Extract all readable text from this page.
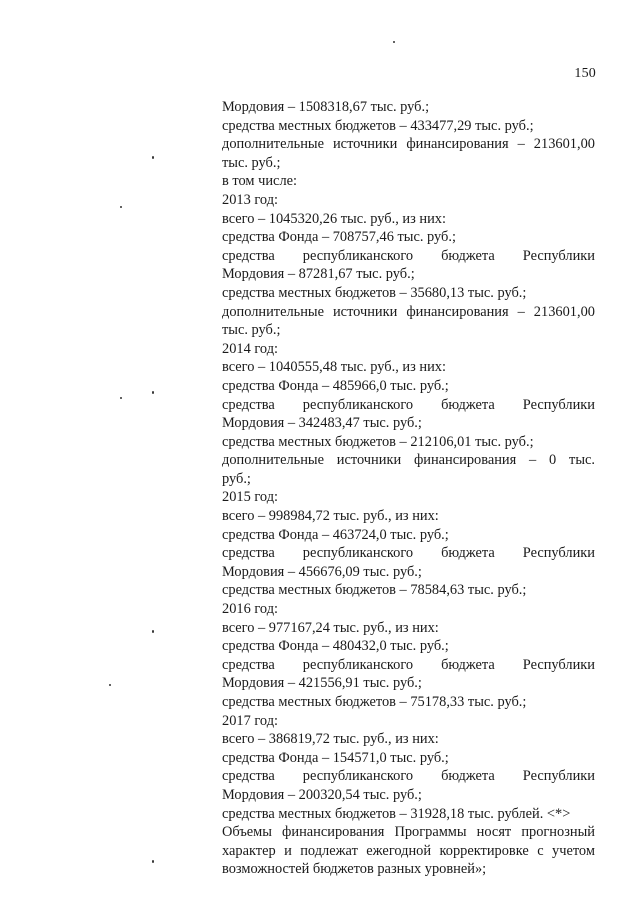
150
Мордовия – 1508318,67 тыс. руб.;
средства местных бюджетов – 433477,29 тыс. руб.;
дополнительные источники финансирования – 213601,00
тыс. руб.;
в том числе:
2013 год:
всего – 1045320,26 тыс. руб., из них:
средства Фонда – 708757,46 тыс. руб.;
средства республиканского бюджета Республики
Мордовия – 87281,67 тыс. руб.;
средства местных бюджетов – 35680,13 тыс. руб.;
дополнительные источники финансирования – 213601,00
тыс. руб.;
2014 год:
всего – 1040555,48 тыс. руб., из них:
средства Фонда – 485966,0 тыс. руб.;
средства республиканского бюджета Республики
Мордовия – 342483,47 тыс. руб.;
средства местных бюджетов – 212106,01 тыс. руб.;
дополнительные источники финансирования – 0 тыс.
руб.;
2015 год:
всего – 998984,72 тыс. руб., из них:
средства Фонда – 463724,0 тыс. руб.;
средства республиканского бюджета Республики
Мордовия – 456676,09 тыс. руб.;
средства местных бюджетов – 78584,63 тыс. руб.;
2016 год:
всего – 977167,24 тыс. руб., из них:
средства Фонда – 480432,0 тыс. руб.;
средства республиканского бюджета Республики
Мордовия – 421556,91 тыс. руб.;
средства местных бюджетов – 75178,33 тыс. руб.;
2017 год:
всего – 386819,72 тыс. руб., из них:
средства Фонда – 154571,0 тыс. руб.;
средства республиканского бюджета Республики
Мордовия – 200320,54 тыс. руб.;
средства местных бюджетов – 31928,18 тыс. рублей. <*>
Объемы финансирования Программы носят прогнозный
характер и подлежат ежегодной корректировке с учетом
возможностей бюджетов разных уровней»;
